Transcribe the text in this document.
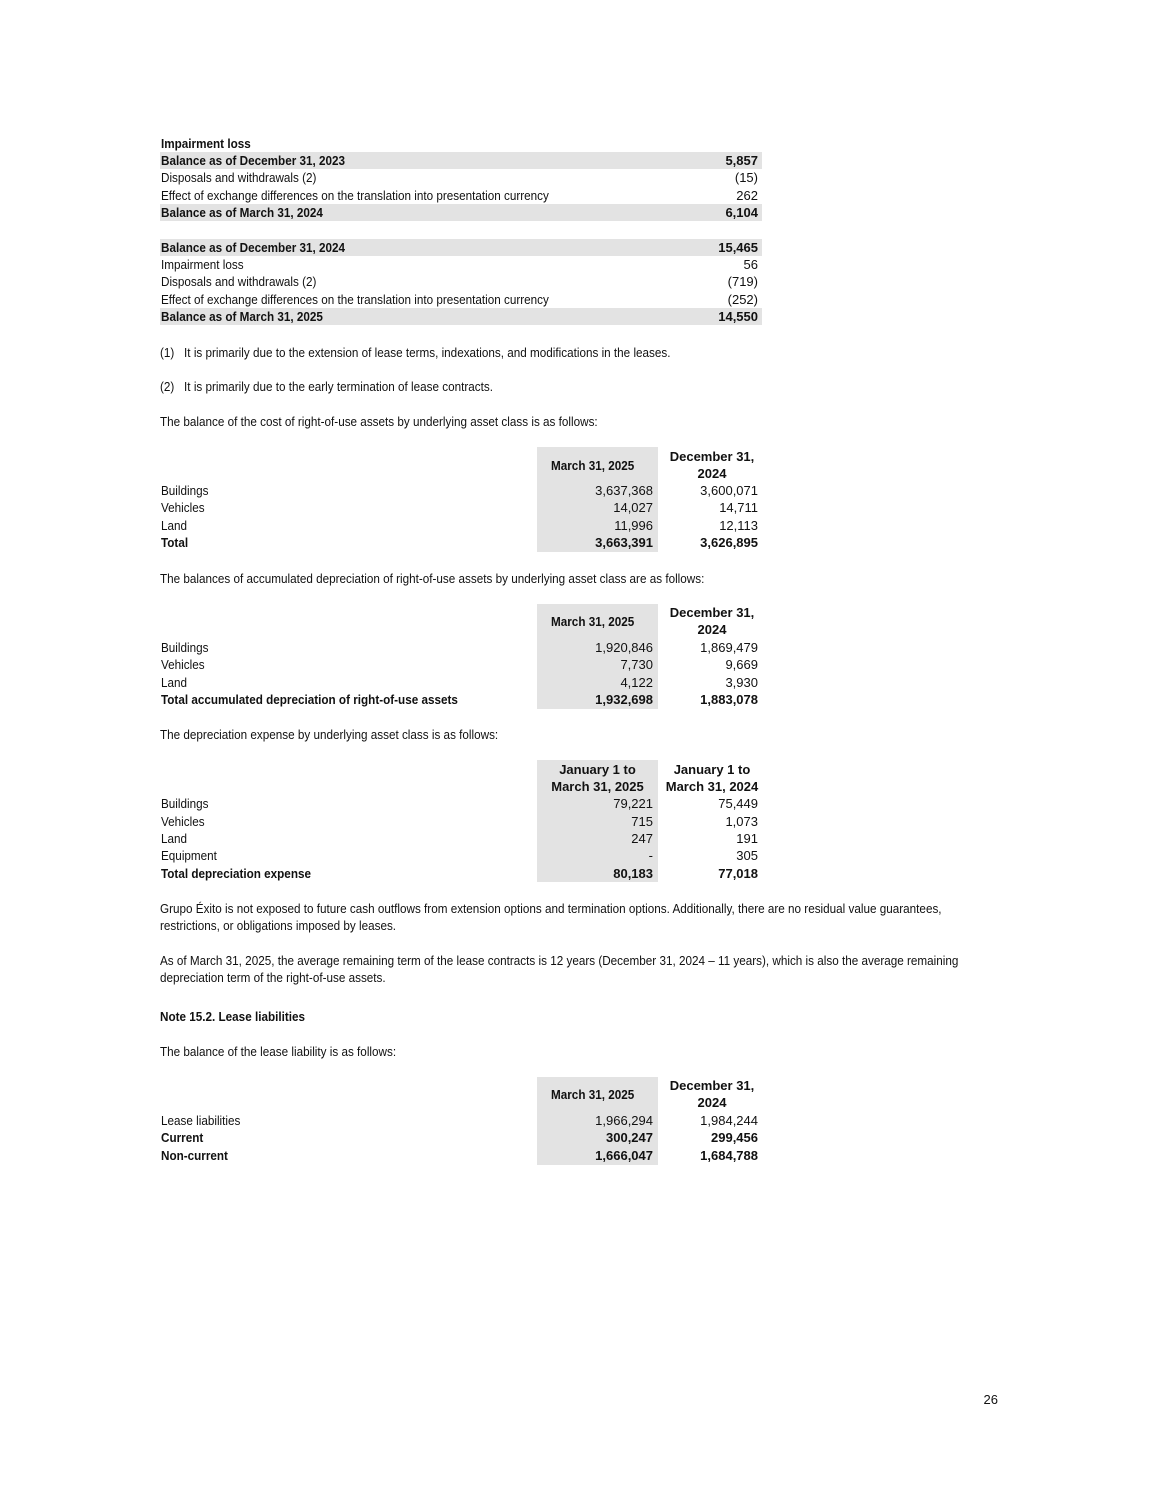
Impairment loss
Balance as of December 31, 2023	5,857
Disposals and withdrawals (2)	(15)
Effect of exchange differences on the translation into presentation currency	262
Balance as of March 31, 2024	6,104
Balance as of December 31, 2024	15,465
Impairment loss	56
Disposals and withdrawals (2)	(719)
Effect of exchange differences on the translation into presentation currency	(252)
Balance as of March 31, 2025	14,550
(1) It is primarily due to the extension of lease terms, indexations, and modifications in the leases.
(2) It is primarily due to the early termination of lease contracts.
The balance of the cost of right-of-use assets by underlying asset class is as follows:
March 31, 2025
December 31,
2024
Buildings	3,637,368	3,600,071
Vehicles	14,027	14,711
Land	11,996	12,113
Total	3,663,391	3,626,895
The balances of accumulated depreciation of right-of-use assets by underlying asset class are as follows:
March 31, 2025
December 31,
2024
Buildings	1,920,846	1,869,479
Vehicles	7,730	9,669
Land	4,122	3,930
Total accumulated depreciation of right-of-use assets	1,932,698	1,883,078
The depreciation expense by underlying asset class is as follows:
January 1 to
March 31, 2025
January 1 to
March 31, 2024
Buildings	79,221	75,449
Vehicles	715	1,073
Land	247	191
Equipment	-	305
Total depreciation expense	80,183	77,018
Grupo Éxito is not exposed to future cash outflows from extension options and termination options. Additionally, there are no residual value guarantees,
restrictions, or obligations imposed by leases.
As of March 31, 2025, the average remaining term of the lease contracts is 12 years (December 31, 2024 – 11 years), which is also the average remaining
depreciation term of the right-of-use assets.
Note 15.2. Lease liabilities
The balance of the lease liability is as follows:
March 31, 2025
December 31,
2024
Lease liabilities	1,966,294	1,984,244
Current	300,247	299,456
Non-current	1,666,047	1,684,788
26
